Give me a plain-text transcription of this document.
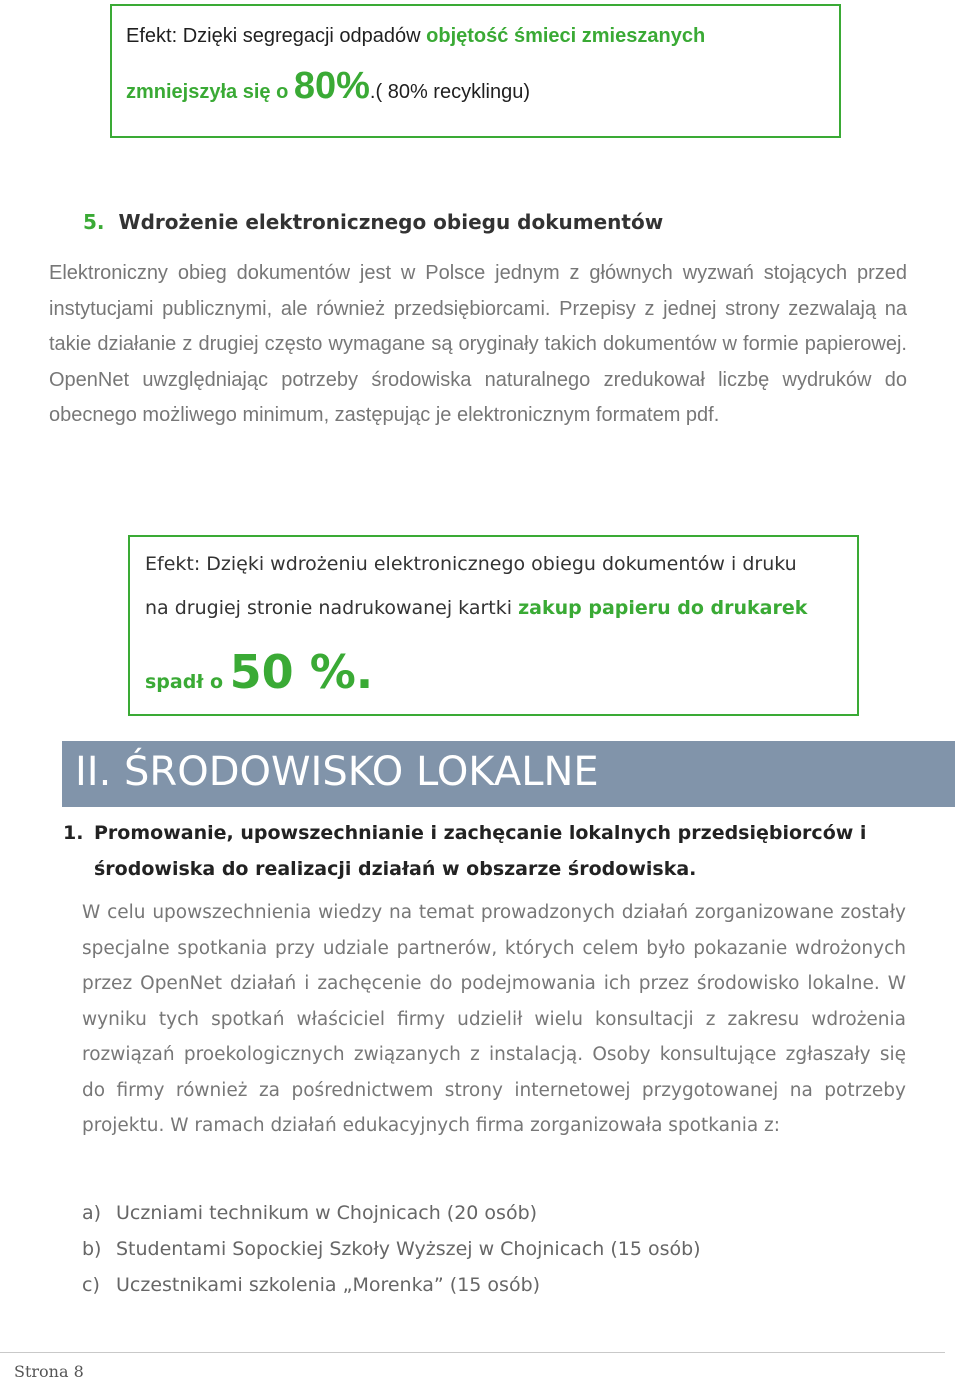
Efekt: Dzięki segregacji odpadów objętość śmieci zmieszanych
zmniejszyła się o 80%.( 80% recyklingu)
5. Wdrożenie elektronicznego obiegu dokumentów
Elektroniczny obieg dokumentów jest w Polsce jednym z głównych wyzwań stojących przed instytucjami publicznymi, ale również przedsiębiorcami. Przepisy z jednej strony zezwalają na takie działanie z drugiej często wymagane są oryginały takich dokumentów w formie papierowej. OpenNet uwzględniając potrzeby środowiska naturalnego zredukował liczbę wydruków do obecnego możliwego minimum, zastępując je elektronicznym formatem pdf.
Efekt: Dzięki wdrożeniu elektronicznego obiegu dokumentów i druku
na drugiej stronie nadrukowanej kartki zakup papieru do drukarek
spadł o 50 %.
II. ŚRODOWISKO LOKALNE
1. Promowanie, upowszechnianie i zachęcanie lokalnych przedsiębiorców i środowiska do realizacji działań w obszarze środowiska.
W celu upowszechnienia wiedzy na temat prowadzonych działań zorganizowane zostały specjalne spotkania przy udziale partnerów, których celem było pokazanie wdrożonych przez OpenNet działań i zachęcenie do podejmowania ich przez środowisko lokalne. W wyniku tych spotkań właściciel firmy udzielił wielu konsultacji z zakresu wdrożenia rozwiązań proekologicznych związanych z instalacją. Osoby konsultujące zgłaszały się do firmy również za pośrednictwem strony internetowej przygotowanej na potrzeby projektu. W ramach działań edukacyjnych firma zorganizowała spotkania z:
a) Uczniami technikum w Chojnicach (20 osób)
b) Studentami Sopockiej Szkoły Wyższej w Chojnicach (15 osób)
c) Uczestnikami szkolenia „Morenka” (15 osób)
Strona 8
